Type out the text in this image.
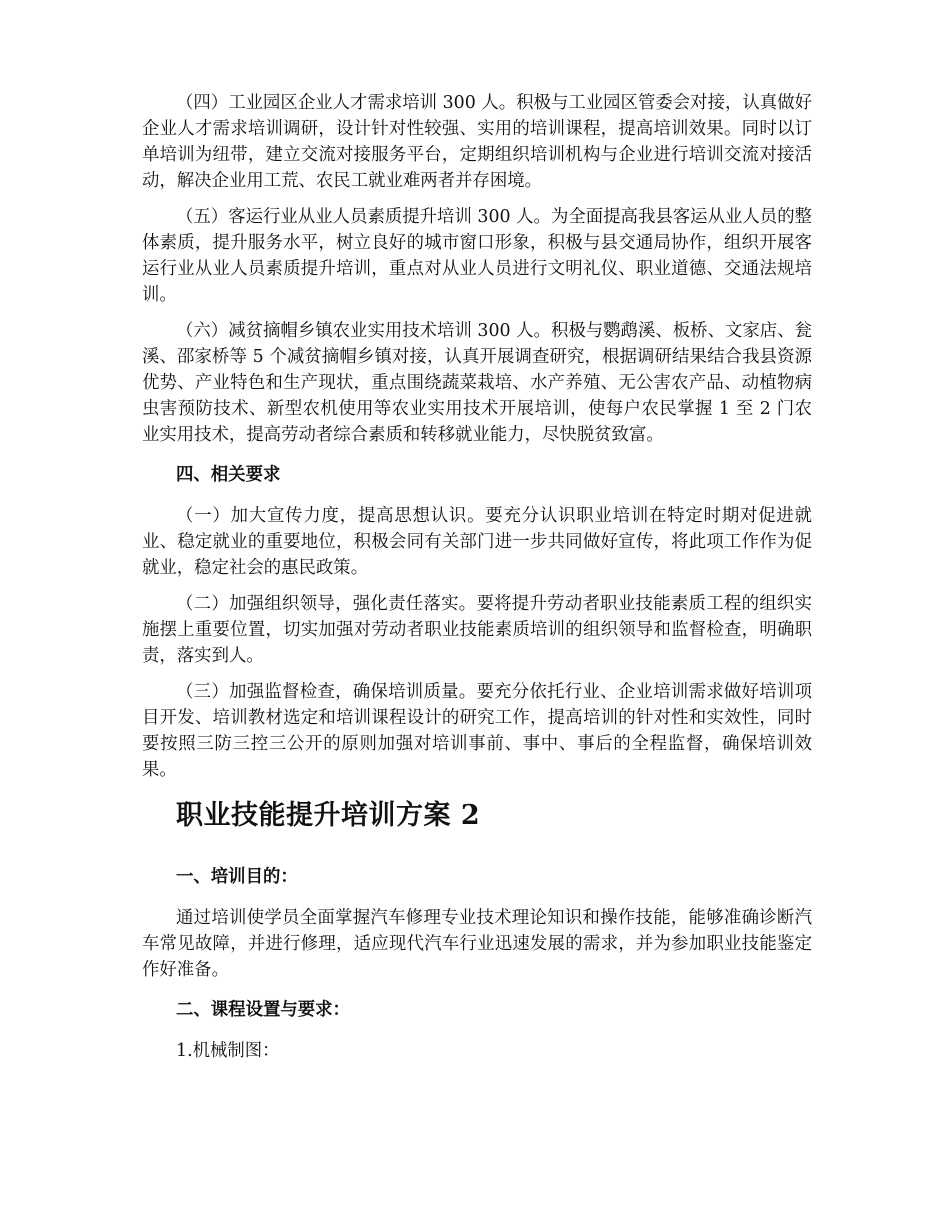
（四）工业园区企业人才需求培训 300 人。积极与工业园区管委会对接，认真做好企业人才需求培训调研，设计针对性较强、实用的培训课程，提高培训效果。同时以订单培训为纽带，建立交流对接服务平台，定期组织培训机构与企业进行培训交流对接活动，解决企业用工荒、农民工就业难两者并存困境。

（五）客运行业从业人员素质提升培训 300 人。为全面提高我县客运从业人员的整体素质，提升服务水平，树立良好的城市窗口形象，积极与县交通局协作，组织开展客运行业从业人员素质提升培训，重点对从业人员进行文明礼仪、职业道德、交通法规培训。

（六）减贫摘帽乡镇农业实用技术培训 300 人。积极与鹦鹉溪、板桥、文家店、瓮溪、邵家桥等 5 个减贫摘帽乡镇对接，认真开展调查研究，根据调研结果结合我县资源优势、产业特色和生产现状，重点围绕蔬菜栽培、水产养殖、无公害农产品、动植物病虫害预防技术、新型农机使用等农业实用技术开展培训，使每户农民掌握 1 至 2 门农业实用技术，提高劳动者综合素质和转移就业能力，尽快脱贫致富。

四、相关要求

（一）加大宣传力度，提高思想认识。要充分认识职业培训在特定时期对促进就业、稳定就业的重要地位，积极会同有关部门进一步共同做好宣传，将此项工作作为促就业，稳定社会的惠民政策。

（二）加强组织领导，强化责任落实。要将提升劳动者职业技能素质工程的组织实施摆上重要位置，切实加强对劳动者职业技能素质培训的组织领导和监督检查，明确职责，落实到人。

（三）加强监督检查，确保培训质量。要充分依托行业、企业培训需求做好培训项目开发、培训教材选定和培训课程设计的研究工作，提高培训的针对性和实效性，同时要按照三防三控三公开的原则加强对培训事前、事中、事后的全程监督，确保培训效果。

职业技能提升培训方案 2
一、培训目的：

通过培训使学员全面掌握汽车修理专业技术理论知识和操作技能，能够准确诊断汽车常见故障，并进行修理，适应现代汽车行业迅速发展的需求，并为参加职业技能鉴定作好准备。

二、课程设置与要求：
1.机械制图：
